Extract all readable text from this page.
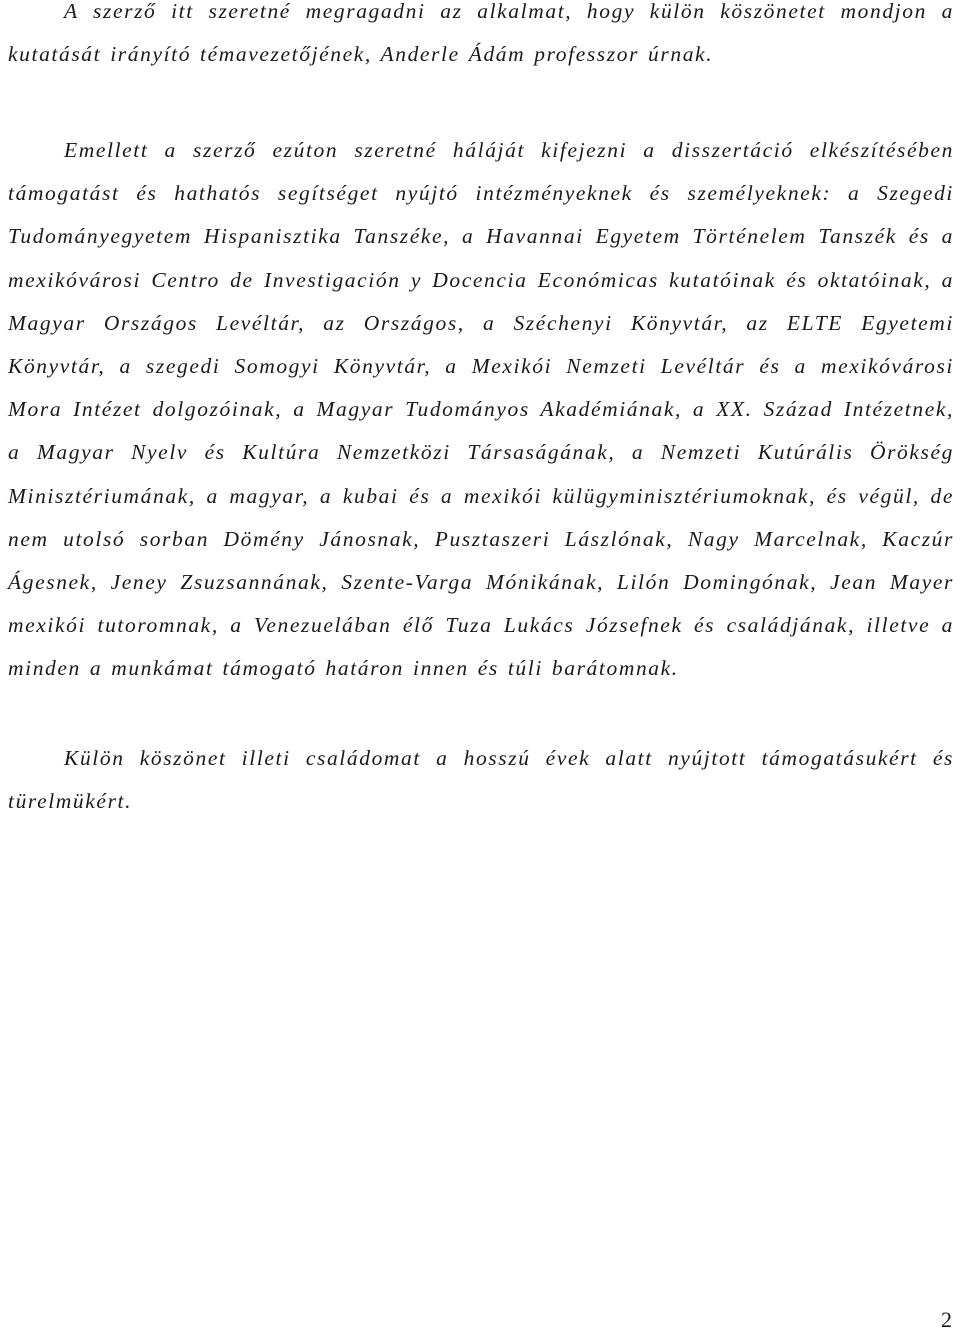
A szerző itt szeretné megragadni az alkalmat, hogy külön köszönetet mondjon a kutatását irányító témavezetőjének, Anderle Ádám professzor úrnak.

Emellett a szerző ezúton szeretné háláját kifejezni a disszertáció elkészítésében támogatást és hathatós segítséget nyújtó intézményeknek és személyeknek: a Szegedi Tudományegyetem Hispanisztika Tanszéke, a Havannai Egyetem Történelem Tanszék és a mexikóvárosi Centro de Investigación y Docencia Económicas kutatóinak és oktatóinak, a Magyar Országos Levéltár, az Országos, a Széchenyi Könyvtár, az ELTE Egyetemi Könyvtár, a szegedi Somogyi Könyvtár, a Mexikói Nemzeti Levéltár és a mexikóvárosi Mora Intézet dolgozóinak, a Magyar Tudományos Akadémiának, a XX. Század Intézetnek, a Magyar Nyelv és Kultúra Nemzetközi Társaságának, a Nemzeti Kutúrális Örökség Minisztériumának, a magyar, a kubai és a mexikói külügyminisztériumoknak, és végül, de nem utolsó sorban Dömény Jánosnak, Pusztaszeri Lászlónak, Nagy Marcelnak, Kaczúr Ágesnek, Jeney Zsuzsannának, Szente-Varga Mónikának, Lilón Domingónak, Jean Mayer mexikói tutoromnak, a Venezuelában élő Tuza Lukács Józsefnek és családjának, illetve a minden a munkámat támogató határon innen és túli barátomnak.

Külön köszönet illeti családomat a hosszú évek alatt nyújtott támogatásukért és türelmükért.

2
